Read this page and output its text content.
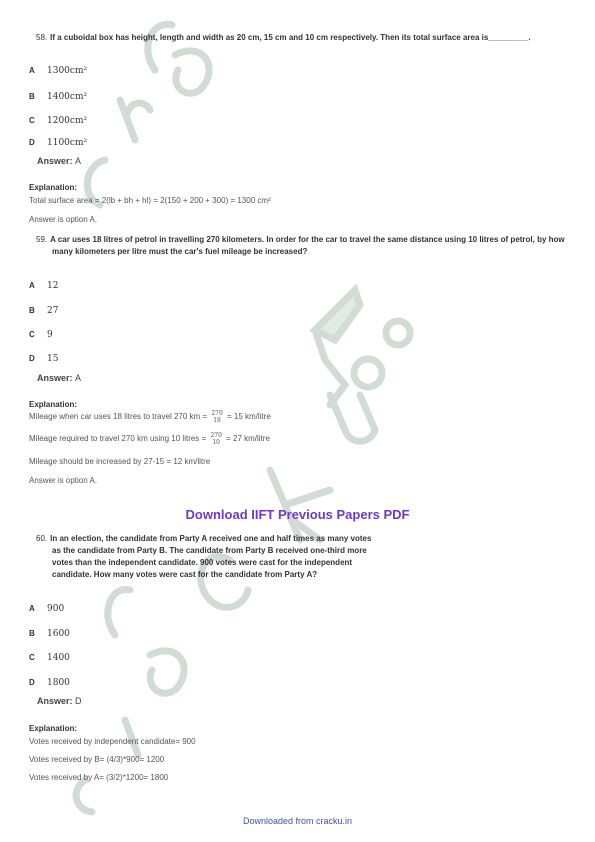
58. If a cuboidal box has height, length and width as 20 cm, 15 cm and 10 cm respectively. Then its total surface area is_________.
A 1300cm²
B 1400cm²
C 1200cm²
D 1100cm²
Answer: A
Explanation:
Total surface area = 2(lb + bh + hl) = 2(150 + 200 + 300) = 1300 cm²
Answer is option A.
59. A car uses 18 litres of petrol in travelling 270 kilometers. In order for the car to travel the same distance using 10 litres of petrol, by how many kilometers per litre must the car's fuel mileage be increased?
A 12
B 27
C 9
D 15
Answer: A
Explanation:
Mileage when car uses 18 litres to travel 270 km = 270
18 = 15 km/litre
Mileage required to travel 270 km using 10 litres = 270
10 = 27 km/litre
Mileage should be increased by 27-15 = 12 km/litre
Answer is option A.
Download IIFT Previous Papers PDF
60. In an election, the candidate from Party A received one and half times as many votes
as the candidate from Party B. The candidate from Party B received one-third more
votes than the independent candidate. 900 votes were cast for the independent
candidate. How many votes were cast for the candidate from Party A?
A 900
B 1600
C 1400
D 1800
Answer: D
Explanation:
Votes received by independent candidate= 900
Votes received by B= (4/3)*900= 1200
Votes received by A= (3/2)*1200= 1800
Downloaded from cracku.in
